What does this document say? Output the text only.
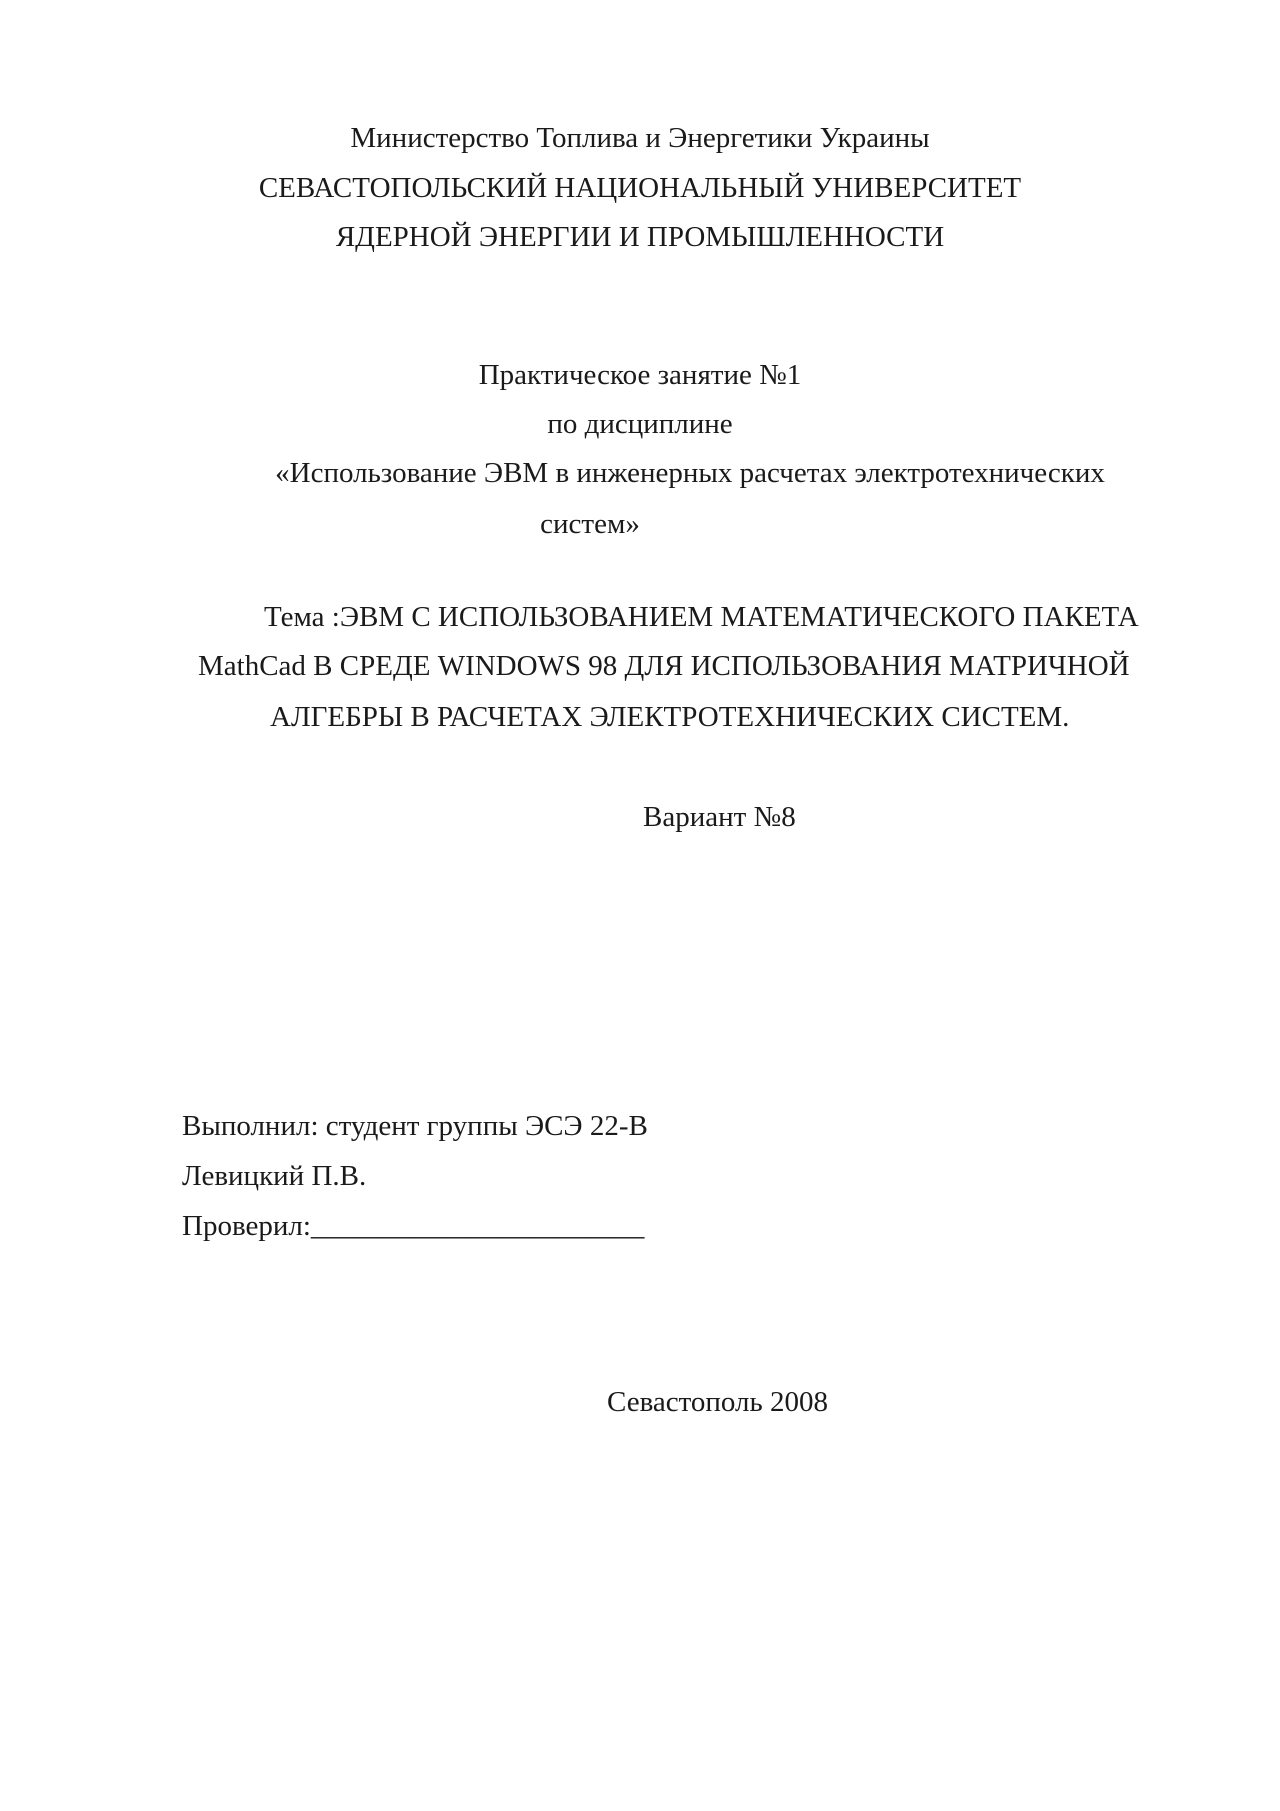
Министерство Топлива и Энергетики Украины
СЕВАСТОПОЛЬСКИЙ НАЦИОНАЛЬНЫЙ УНИВЕРСИТЕТ
ЯДЕРНОЙ ЭНЕРГИИ И ПРОМЫШЛЕННОСТИ
Практическое занятие №1
по дисциплине
«Использование ЭВМ в инженерных расчетах электротехнических
систем»
Тема :ЭВМ С ИСПОЛЬЗОВАНИЕМ МАТЕМАТИЧЕСКОГО ПАКЕТА
MathCad В СРЕДЕ WINDOWS 98 ДЛЯ ИСПОЛЬЗОВАНИЯ МАТРИЧНОЙ
АЛГЕБРЫ В РАСЧЕТАХ ЭЛЕКТРОТЕХНИЧЕСКИХ СИСТЕМ.
Вариант №8
Выполнил: студент группы ЭСЭ 22-В
Левицкий П.В.
Проверил:_______________________
Севастополь 2008
